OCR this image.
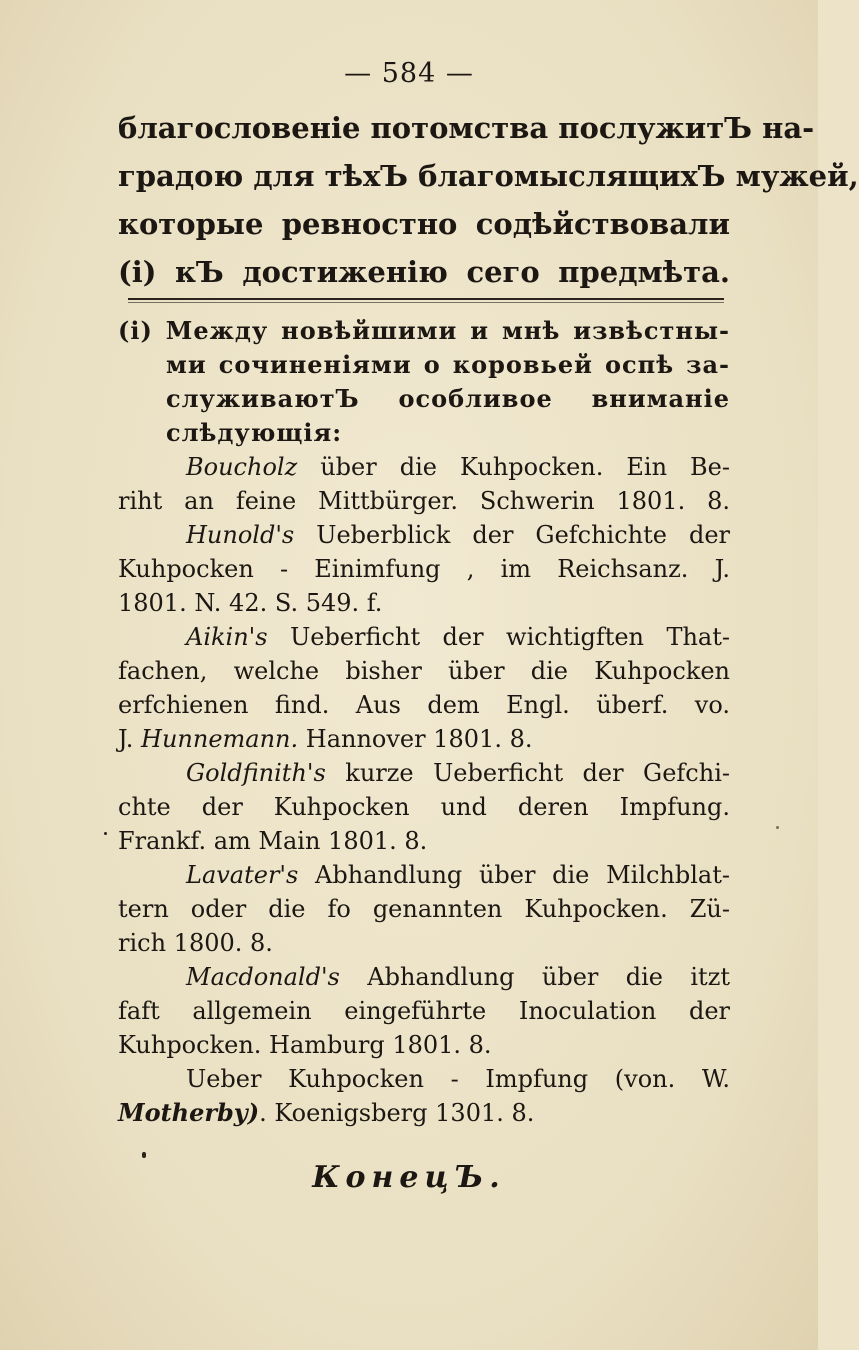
— 584 —
благословеніе потомства послужитЪ на-
градою для тѣхЪ благомыслящихЪ мужей,
которые ревностно содѣйствовали
(i) кЪ достиженію сего предмѣта.
(i) Между новѣйшими и мнѣ извѣстны-
ми сочиненіями о коровьей оспѣ за-
служиваютЪ особливое вниманіе
слѣдующія:
Boucholz über die Kuhpocken. Ein Be-
riht an feine Mittbürger. Schwerin 1801. 8.
Hunold's Ueberblick der Gefchichte der
Kuhpocken - Einimfung , im Reichsanz. J.
1801. N. 42. S. 549. f.
Aikin's Ueberficht der wichtigften That-
fachen, welche bisher über die Kuhpocken
erfchienen find. Aus dem Engl. überf. vo.
J. Hunnemann. Hannover 1801. 8.
Goldfinith's kurze Ueberficht der Gefchi-
chte der Kuhpocken und deren Impfung.
Frankf. am Main 1801. 8.
Lavater's Abhandlung über die Milchblat-
tern oder die fo genannten Kuhpocken. Zü-
rich 1800. 8.
Macdonald's Abhandlung über die itzt
faft allgemein eingeführte Inoculation der
Kuhpocken. Hamburg 1801. 8.
Ueber Kuhpocken - Impfung (von. W.
Motherby). Koenigsberg 1301. 8.
КонецЪ.
